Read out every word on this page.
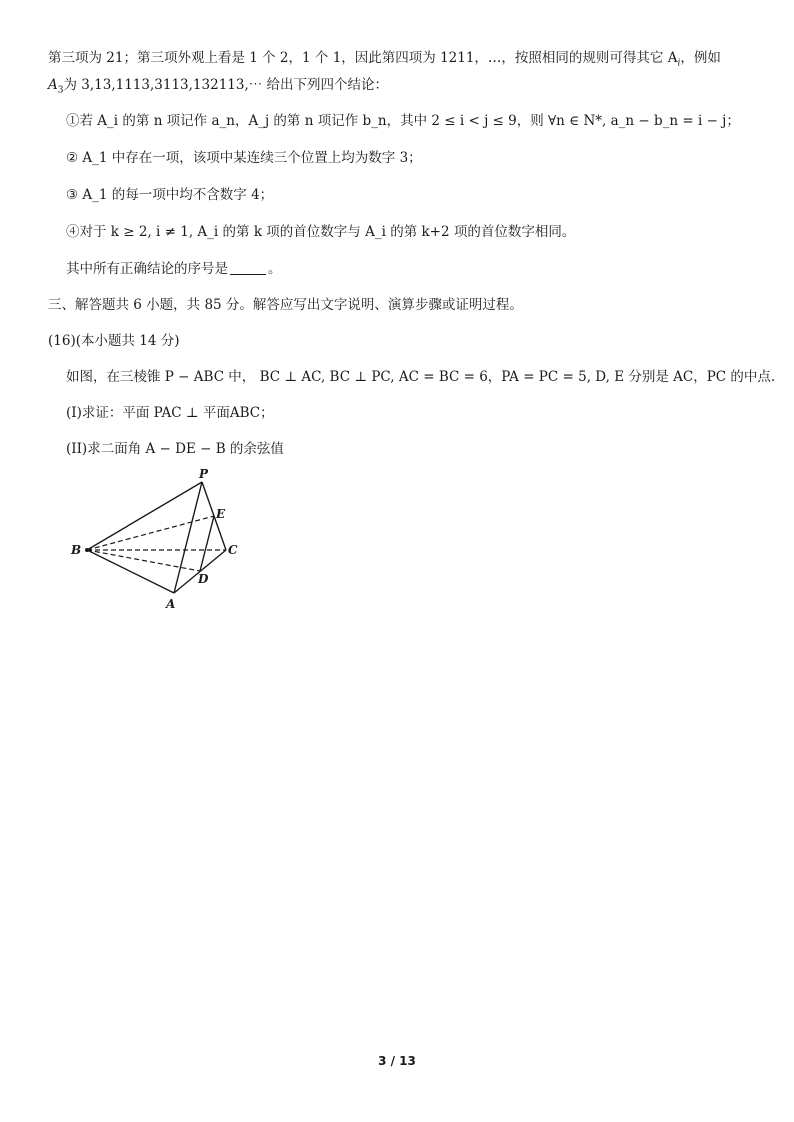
第三项为 21；第三项外观上看是 1 个 2，1 个 1，因此第四项为 1211，…，按照相同的规则可得其它 $A_i$，例如
$A_3$为 3,13,1113,3113,132113,⋯ 给出下列四个结论：
①若 A_i 的第 n 项记作 a_n，A_j 的第 n 项记作 b_n，其中 2 ≤ i < j ≤ 9，则 ∀n ∈ N*, a_n − b_n = i − j；
② A_1 中存在一项，该项中某连续三个位置上均为数字 3；
③ A_1 的每一项中均不含数字 4；
④对于 k ≥ 2, i ≠ 1, A_i 的第 k 项的首位数字与 A_i 的第 k+2 项的首位数字相同。
其中所有正确结论的序号是	。
三、解答题共 6 小题，共 85 分。解答应写出文字说明、演算步骤或证明过程。
(16)(本小题共 14 分)
如图，在三棱锥 P − ABC 中， BC ⊥ AC, BC ⊥ PC, AC = BC = 6，PA = PC = 5, D, E 分别是 AC，PC 的中点.
(I)求证：平面 PAC ⊥ 平面ABC；
(II)求二面角 A − DE − B 的余弦值
P
E
B	C
D
A
3 / 13
